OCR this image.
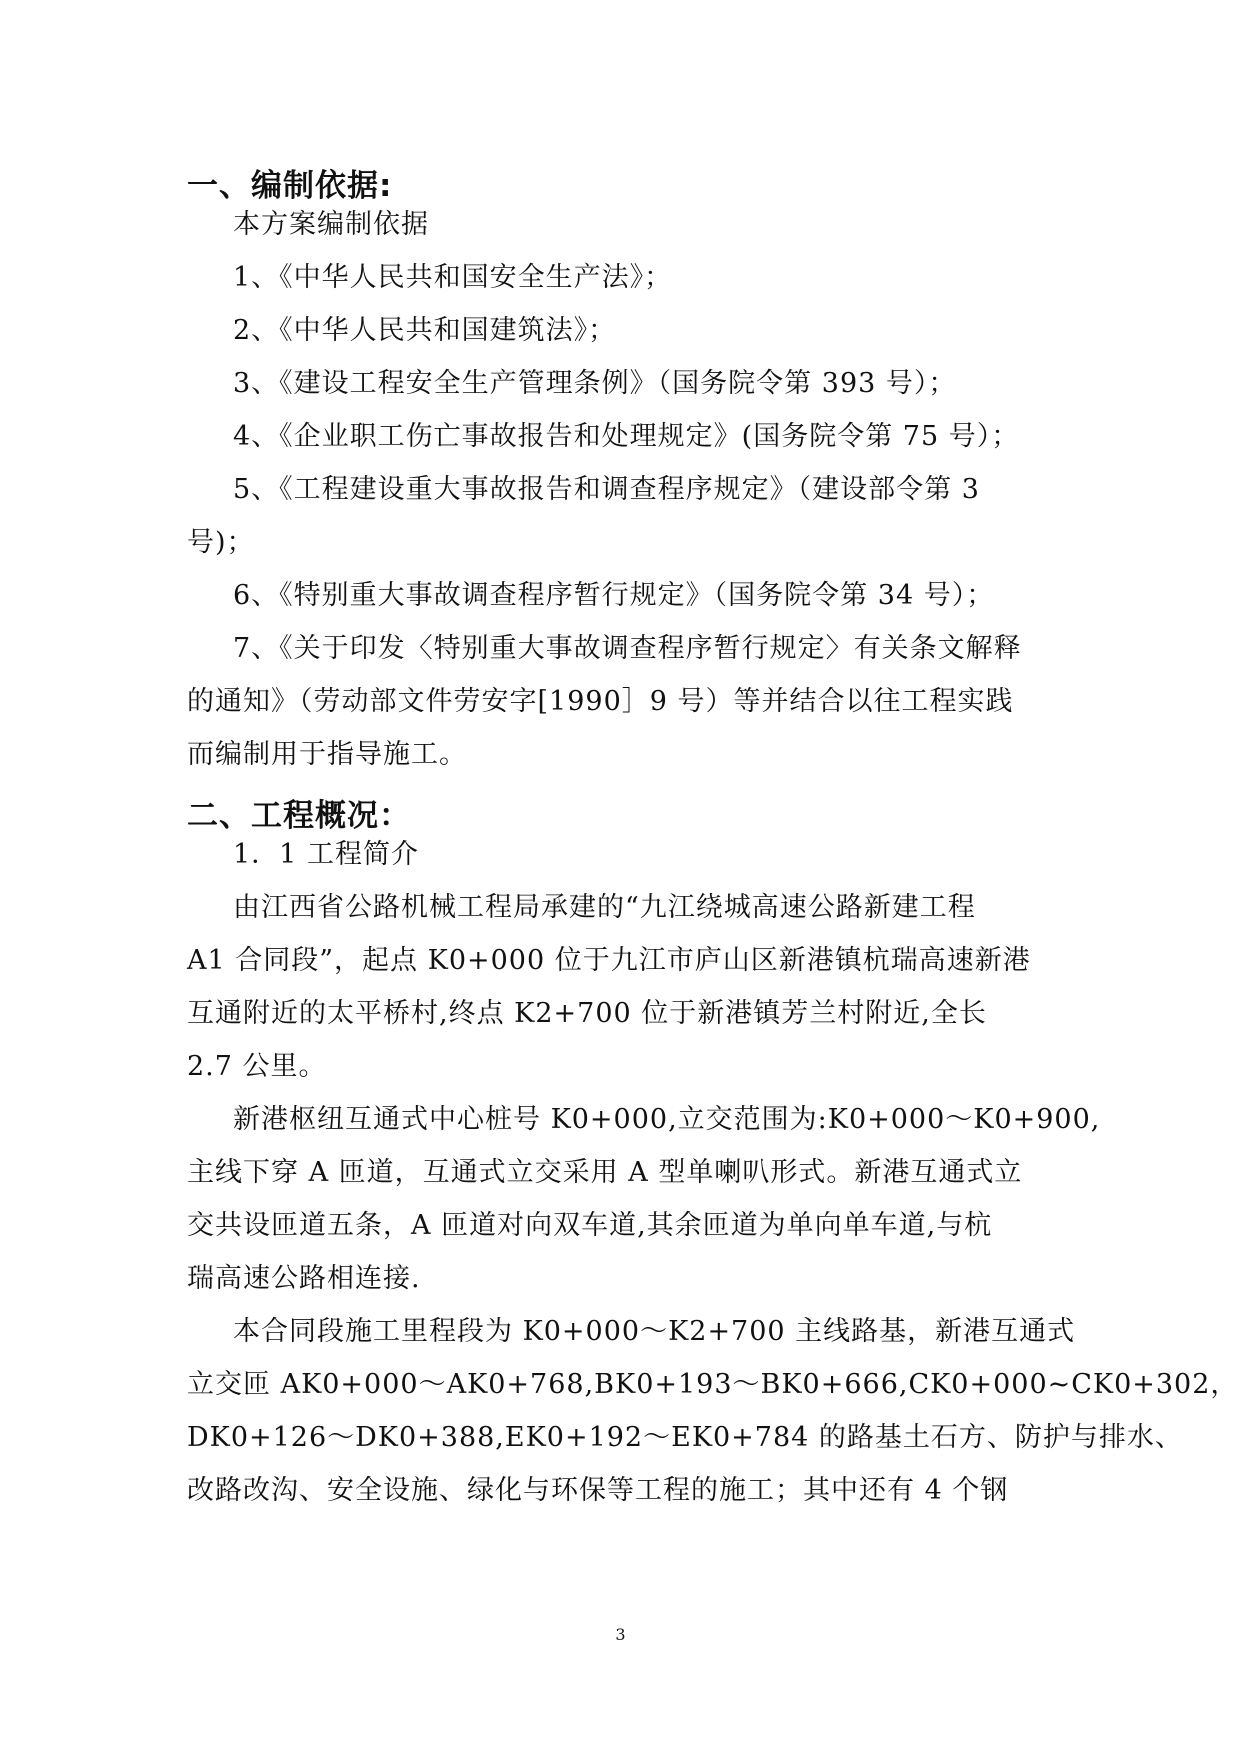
一、编制依据:
本方案编制依据
1、《中华人民共和国安全生产法》；
2、《中华人民共和国建筑法》；
3、《建设工程安全生产管理条例》（国务院令第 393 号）；
4、《企业职工伤亡事故报告和处理规定》(国务院令第 75 号）；
5、《工程建设重大事故报告和调查程序规定》（建设部令第 3
号)；
6、《特别重大事故调查程序暂行规定》（国务院令第 34 号）；
7、《关于印发〈特别重大事故调查程序暂行规定〉有关条文解释
的通知》（劳动部文件劳安字[1990］9 号）等并结合以往工程实践
而编制用于指导施工。
二、工程概况：
1．1 工程简介
由江西省公路机械工程局承建的“九江绕城高速公路新建工程
A1 合同段”，起点 K0+000 位于九江市庐山区新港镇杭瑞高速新港
互通附近的太平桥村,终点 K2+700 位于新港镇芳兰村附近,全长
2.7 公里。
新港枢纽互通式中心桩号 K0+000,立交范围为:K0+000～K0+900,
主线下穿 A 匝道，互通式立交采用 A 型单喇叭形式。新港互通式立
交共设匝道五条，A 匝道对向双车道,其余匝道为单向单车道,与杭
瑞高速公路相连接.
本合同段施工里程段为 K0+000～K2+700 主线路基，新港互通式
立交匝 AK0+000～AK0+768,BK0+193～BK0+666,CK0+000~CK0+302，
DK0+126～DK0+388,EK0+192～EK0+784 的路基土石方、防护与排水、
改路改沟、安全设施、绿化与环保等工程的施工；其中还有 4 个钢
3
